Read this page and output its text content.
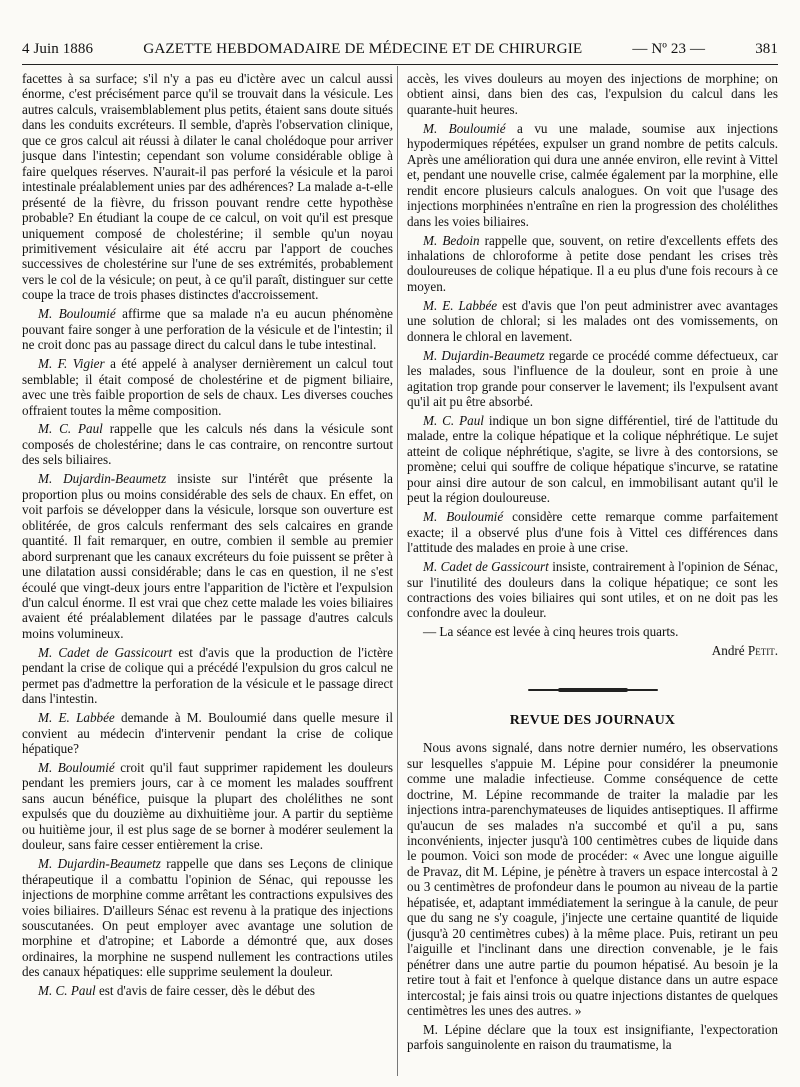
4 Juin 1886	GAZETTE HEBDOMADAIRE DE MÉDECINE ET DE CHIRURGIE	— Nº 23 —	381

facettes à sa surface; s'il n'y a pas eu d'ictère avec un calcul aussi énorme, c'est précisément parce qu'il se trouvait dans la vésicule. Les autres calculs, vraisemblablement plus petits, étaient sans doute situés dans les conduits excréteurs. Il semble, d'après l'observation clinique, que ce gros calcul ait réussi à dilater le canal cholédoque pour arriver jusque dans l'intestin; cependant son volume considérable oblige à faire quelques réserves. N'aurait-il pas perforé la vésicule et la paroi intestinale préalablement unies par des adhérences? La malade a-t-elle présenté de la fièvre, du frisson pouvant rendre cette hypothèse probable? En étudiant la coupe de ce calcul, on voit qu'il est presque uniquement composé de cholestérine; il semble qu'un noyau primitivement vésiculaire ait été accru par l'apport de couches successives de cholestérine sur l'une de ses extrémités, probablement vers le col de la vésicule; on peut, à ce qu'il paraît, distinguer sur cette coupe la trace de trois phases distinctes d'accroissement.

M. Bouloumié affirme que sa malade n'a eu aucun phénomène pouvant faire songer à une perforation de la vésicule et de l'intestin; il ne croit donc pas au passage direct du calcul dans le tube intestinal.

M. F. Vigier a été appelé à analyser dernièrement un calcul tout semblable; il était composé de cholestérine et de pigment biliaire, avec une très faible proportion de sels de chaux. Les diverses couches offraient toutes la même composition.

M. C. Paul rappelle que les calculs nés dans la vésicule sont composés de cholestérine; dans le cas contraire, on rencontre surtout des sels biliaires.

M. Dujardin-Beaumetz insiste sur l'intérêt que présente la proportion plus ou moins considérable des sels de chaux. En effet, on voit parfois se développer dans la vésicule, lorsque son ouverture est oblitérée, de gros calculs renfermant des sels calcaires en grande quantité. Il fait remarquer, en outre, combien il semble au premier abord surprenant que les canaux excréteurs du foie puissent se prêter à une dilatation aussi considérable; dans le cas en question, il ne s'est écoulé que vingt-deux jours entre l'apparition de l'ictère et l'expulsion d'un calcul énorme. Il est vrai que chez cette malade les voies biliaires avaient été préalablement dilatées par le passage d'autres calculs moins volumineux.

M. Cadet de Gassicourt est d'avis que la production de l'ictère pendant la crise de colique qui a précédé l'expulsion du gros calcul ne permet pas d'admettre la perforation de la vésicule et le passage direct dans l'intestin.

M. E. Labbée demande à M. Bouloumié dans quelle mesure il convient au médecin d'intervenir pendant la crise de colique hépatique?

M. Bouloumié croit qu'il faut supprimer rapidement les douleurs pendant les premiers jours, car à ce moment les malades souffrent sans aucun bénéfice, puisque la plupart des cholélithes ne sont expulsés que du douzième au dixhuitième jour. A partir du septième ou huitième jour, il est plus sage de se borner à modérer seulement la douleur, sans faire cesser entièrement la crise.

M. Dujardin-Beaumetz rappelle que dans ses Leçons de clinique thérapeutique il a combattu l'opinion de Sénac, qui repousse les injections de morphine comme arrêtant les contractions expulsives des voies biliaires. D'ailleurs Sénac est revenu à la pratique des injections souscutanées. On peut employer avec avantage une solution de morphine et d'atropine; et Laborde a démontré que, aux doses ordinaires, la morphine ne suspend nullement les contractions utiles des canaux hépatiques: elle supprime seulement la douleur.

M. C. Paul est d'avis de faire cesser, dès le début des

accès, les vives douleurs au moyen des injections de morphine; on obtient ainsi, dans bien des cas, l'expulsion du calcul dans les quarante-huit heures.

M. Bouloumié a vu une malade, soumise aux injections hypodermiques répétées, expulser un grand nombre de petits calculs. Après une amélioration qui dura une année environ, elle revint à Vittel et, pendant une nouvelle crise, calmée également par la morphine, elle rendit encore plusieurs calculs analogues. On voit que l'usage des injections morphinées n'entraîne en rien la progression des cholélithes dans les voies biliaires.

M. Bedoin rappelle que, souvent, on retire d'excellents effets des inhalations de chloroforme à petite dose pendant les crises très douloureuses de colique hépatique. Il a eu plus d'une fois recours à ce moyen.

M. E. Labbée est d'avis que l'on peut administrer avec avantages une solution de chloral; si les malades ont des vomissements, on donnera le chloral en lavement.

M. Dujardin-Beaumetz regarde ce procédé comme défectueux, car les malades, sous l'influence de la douleur, sont en proie à une agitation trop grande pour conserver le lavement; ils l'expulsent avant qu'il ait pu être absorbé.

M. C. Paul indique un bon signe différentiel, tiré de l'attitude du malade, entre la colique hépatique et la colique néphrétique. Le sujet atteint de colique néphrétique, s'agite, se livre à des contorsions, se promène; celui qui souffre de colique hépatique s'incurve, se ratatine pour ainsi dire autour de son calcul, en immobilisant autant qu'il le peut la région douloureuse.

M. Bouloumié considère cette remarque comme parfaitement exacte; il a observé plus d'une fois à Vittel ces différences dans l'attitude des malades en proie à une crise.

M. Cadet de Gassicourt insiste, contrairement à l'opinion de Sénac, sur l'inutilité des douleurs dans la colique hépatique; ce sont les contractions des voies biliaires qui sont utiles, et on ne doit pas les confondre avec la douleur.

— La séance est levée à cinq heures trois quarts.

André Petit.
REVUE DES JOURNAUX

Nous avons signalé, dans notre dernier numéro, les observations sur lesquelles s'appuie M. Lépine pour considérer la pneumonie comme une maladie infectieuse. Comme conséquence de cette doctrine, M. Lépine recommande de traiter la maladie par les injections intra-parenchymateuses de liquides antiseptiques. Il affirme qu'aucun de ses malades n'a succombé et qu'il a pu, sans inconvénients, injecter jusqu'à 100 centimètres cubes de liquide dans le poumon. Voici son mode de procéder: « Avec une longue aiguille de Pravaz, dit M. Lépine, je pénètre à travers un espace intercostal à 2 ou 3 centimètres de profondeur dans le poumon au niveau de la partie hépatisée, et, adaptant immédiatement la seringue à la canule, de peur que du sang ne s'y coagule, j'injecte une certaine quantité de liquide (jusqu'à 20 centimètres cubes) à la même place. Puis, retirant un peu l'aiguille et l'inclinant dans une direction convenable, je le fais pénétrer dans une autre partie du poumon hépatisé. Au besoin je la retire tout à fait et l'enfonce à quelque distance dans un autre espace intercostal; je fais ainsi trois ou quatre injections distantes de quelques centimètres les unes des autres. »

M. Lépine déclare que la toux est insignifiante, l'expectoration parfois sanguinolente en raison du traumatisme, la
